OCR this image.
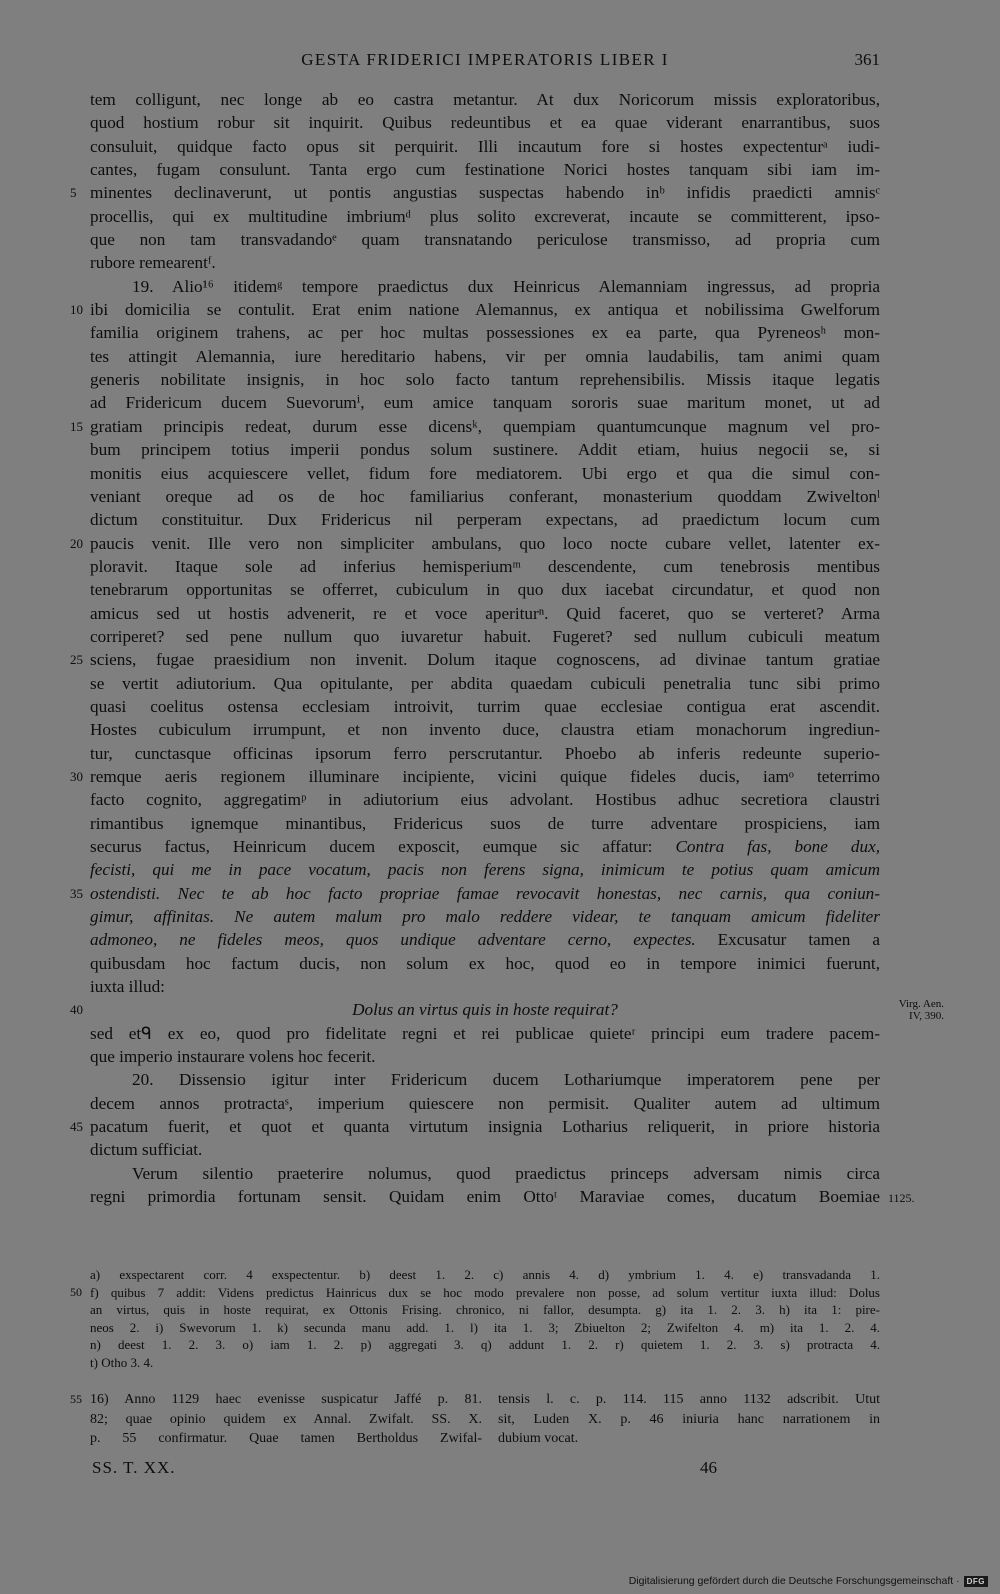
GESTA FRIDERICI IMPERATORIS LIBER I	361
tem colligunt, nec longe ab eo castra metantur. At dux Noricorum missis exploratoribus,
quod hostium robur sit inquirit. Quibus redeuntibus et ea quae viderant enarrantibus, suos
consuluit, quidque facto opus sit perquirit. Illi incautum fore si hostes expectenturᵃ iudi-
cantes, fugam consulunt. Tanta ergo cum festinatione Norici hostes tanquam sibi iam im-
5 minentes declinaverunt, ut pontis angustias suspectas habendo inᵇ infidis praedicti amnisᶜ
procellis, qui ex multitudine imbriumᵈ plus solito excreverat, incaute se committerent, ipso-
que non tam transvadandoᵉ quam transnatando periculose transmisso, ad propria cum
rubore remearentᶠ.
19. Alio¹⁶ itidemᵍ tempore praedictus dux Heinricus Alemanniam ingressus, ad propria
10 ibi domicilia se contulit. Erat enim natione Alemannus, ex antiqua et nobilissima Gwelforum
familia originem trahens, ac per hoc multas possessiones ex ea parte, qua Pyreneosʰ mon-
tes attingit Alemannia, iure hereditario habens, vir per omnia laudabilis, tam animi quam
generis nobilitate insignis, in hoc solo facto tantum reprehensibilis. Missis itaque legatis
ad Fridericum ducem Suevorumⁱ, eum amice tanquam sororis suae maritum monet, ut ad
15 gratiam principis redeat, durum esse dicensᵏ, quempiam quantumcunque magnum vel pro-
bum principem totius imperii pondus solum sustinere. Addit etiam, huius negocii se, si
monitis eius acquiescere vellet, fidum fore mediatorem. Ubi ergo et qua die simul con-
veniant oreque ad os de hoc familiarius conferant, monasterium quoddam Zwiveltonˡ
dictum constituitur. Dux Fridericus nil perperam expectans, ad praedictum locum cum
20 paucis venit. Ille vero non simpliciter ambulans, quo loco nocte cubare vellet, latenter ex-
ploravit. Itaque sole ad inferius hemisperiumᵐ descendente, cum tenebrosis mentibus
tenebrarum opportunitas se offerret, cubiculum in quo dux iacebat circundatur, et quod non
amicus sed ut hostis advenerit, re et voce aperiturⁿ. Quid faceret, quo se verteret? Arma
corriperet? sed pene nullum quo iuvaretur habuit. Fugeret? sed nullum cubiculi meatum
25 sciens, fugae praesidium non invenit. Dolum itaque cognoscens, ad divinae tantum gratiae
se vertit adiutorium. Qua opitulante, per abdita quaedam cubiculi penetralia tunc sibi primo
quasi coelitus ostensa ecclesiam introivit, turrim quae ecclesiae contigua erat ascendit.
Hostes cubiculum irrumpunt, et non invento duce, claustra etiam monachorum ingrediun-
tur, cunctasque officinas ipsorum ferro perscrutantur. Phoebo ab inferis redeunte superio-
30 remque aeris regionem illuminare incipiente, vicini quique fideles ducis, iamᵒ teterrimo
facto cognito, aggregatimᵖ in adiutorium eius advolant. Hostibus adhuc secretiora claustri
rimantibus ignemque minantibus, Fridericus suos de turre adventare prospiciens, iam
securus factus, Heinricum ducem exposcit, eumque sic affatur: Contra fas, bone dux,
fecisti, qui me in pace vocatum, pacis non ferens signa, inimicum te potius quam amicum
35 ostendisti. Nec te ab hoc facto propriae famae revocavit honestas, nec carnis, qua coniun-
gimur, affinitas. Ne autem malum pro malo reddere videar, te tanquam amicum fideliter
admoneo, ne fideles meos, quos undique adventare cerno, expectes. Excusatur tamen a
quibusdam hoc factum ducis, non solum ex hoc, quod eo in tempore inimici fuerunt,
iuxta illud:
40	Dolus an virtus quis in hoste requirat?	Virg. Aen.
IV, 390.
sed etᑫ ex eo, quod pro fidelitate regni et rei publicae quieteʳ principi eum tradere pacem-
que imperio instaurare volens hoc fecerit.
20. Dissensio igitur inter Fridericum ducem Lothariumque imperatorem pene per
decem annos protractaˢ, imperium quiescere non permisit. Qualiter autem ad ultimum
45 pacatum fuerit, et quot et quanta virtutum insignia Lotharius reliquerit, in priore historia
dictum sufficiat.
Verum silentio praeterire nolumus, quod praedictus princeps adversam nimis circa
regni primordia fortunam sensit. Quidam enim Ottoᵗ Maraviae comes, ducatum Boemiae 1125.
a) exspectarent corr. 4 exspectentur. b) deest 1. 2. c) annis 4. d) ymbrium 1. 4. e) transvadanda 1.
50 f) quibus 7 addit: Videns predictus Hainricus dux se hoc modo prevalere non posse, ad solum vertitur iuxta illud: Dolus
an virtus, quis in hoste requirat, ex Ottonis Frising. chronico, ni fallor, desumpta. g) ita 1. 2. 3. h) ita 1: pire-
neos 2. i) Swevorum 1. k) secunda manu add. 1. l) ita 1. 3; Zbiuelton 2; Zwifelton 4. m) ita 1. 2. 4.
n) deest 1. 2. 3. o) iam 1. 2. p) aggregati 3. q) addunt 1. 2. r) quietem 1. 2. 3. s) protracta 4.
t) Otho 3. 4.
55 16) Anno 1129 haec evenisse suspicatur Jaffé p. 81. tensis l. c. p. 114. 115 anno 1132 adscribit. Utut
82; quae opinio quidem ex Annal. Zwifalt. SS. X. sit, Luden X. p. 46 iniuria hanc narrationem in
p. 55 confirmatur. Quae tamen Bertholdus Zwifal- dubium vocat.
SS. T. XX.	46
Digitalisierung gefördert durch die Deutsche Forschungsgemeinschaft · DFG
